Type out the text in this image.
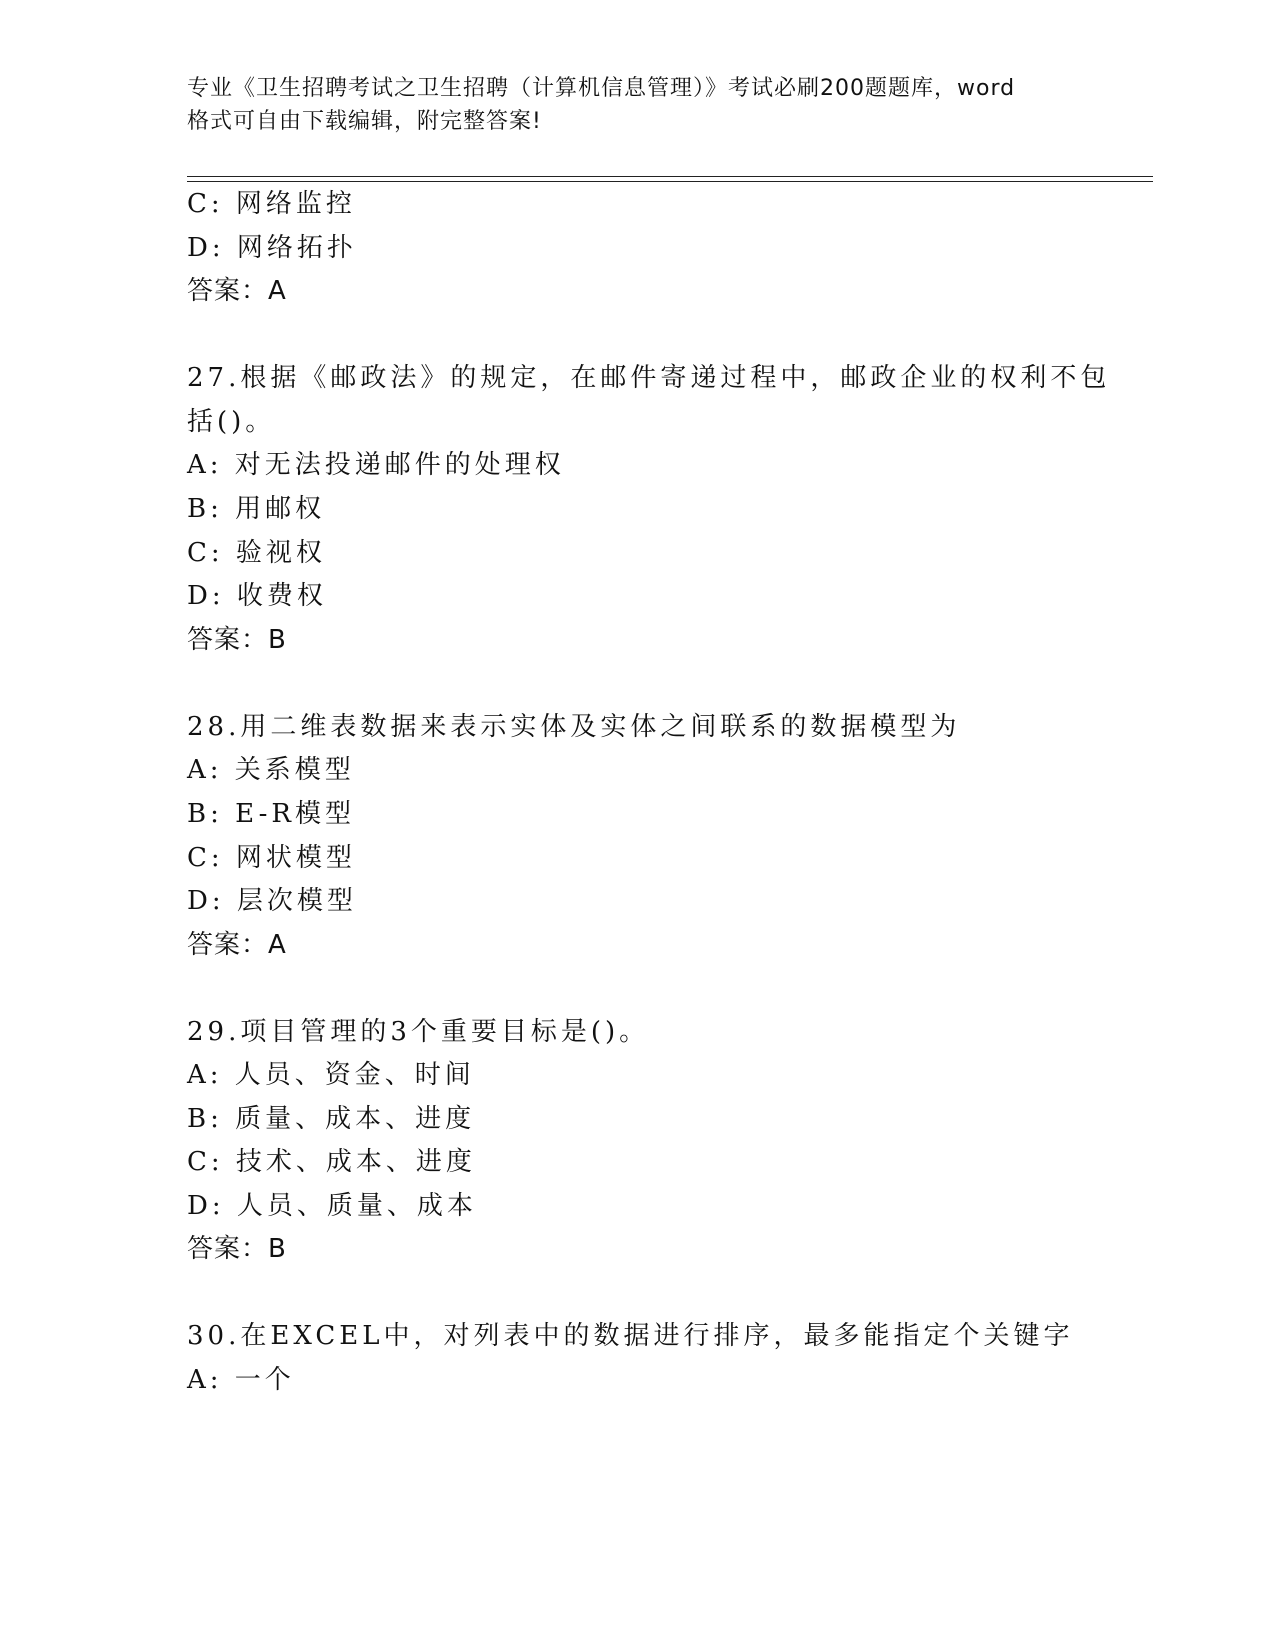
专业《卫生招聘考试之卫生招聘（计算机信息管理）》考试必刷200题题库，word
格式可自由下载编辑，附完整答案!
C: 网络监控
D: 网络拓扑
答案：A
27.根据《邮政法》的规定，在邮件寄递过程中，邮政企业的权利不包
括()。
A: 对无法投递邮件的处理权
B: 用邮权
C: 验视权
D: 收费权
答案：B
28.用二维表数据来表示实体及实体之间联系的数据模型为
A: 关系模型
B: E-R模型
C: 网状模型
D: 层次模型
答案：A
29.项目管理的3个重要目标是()。
A: 人员、资金、时间
B: 质量、成本、进度
C: 技术、成本、进度
D: 人员、质量、成本
答案：B
30.在EXCEL中，对列表中的数据进行排序，最多能指定个关键字
A: 一个
